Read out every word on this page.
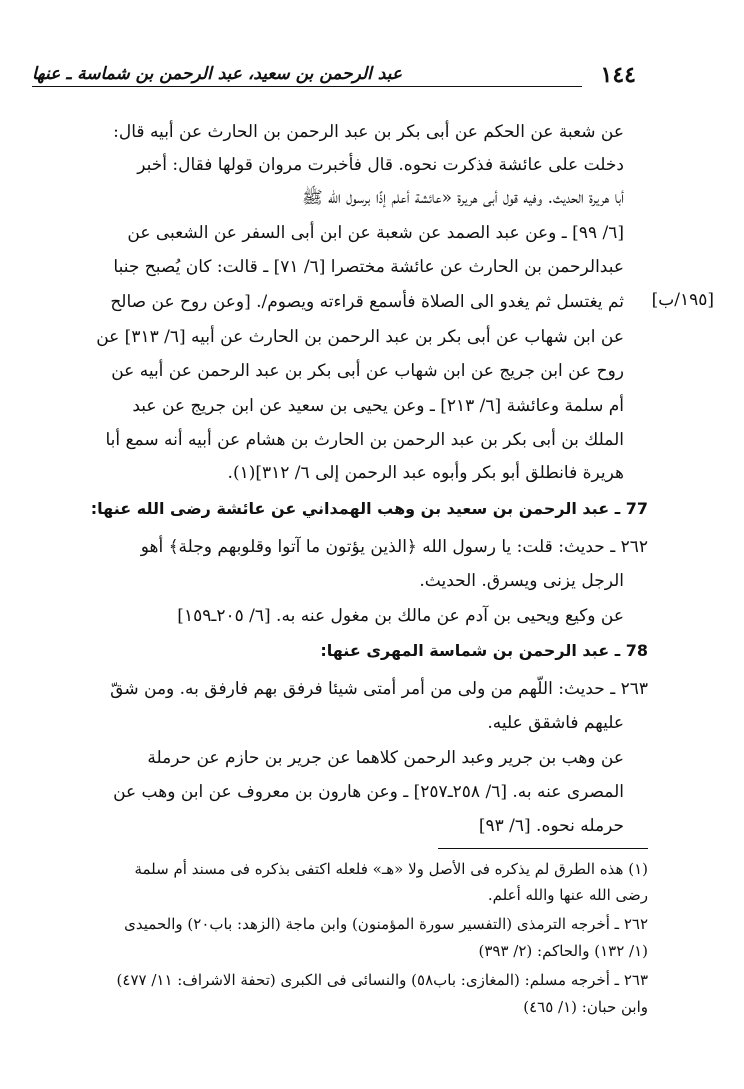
عبد الرحمن بن سعيد، عبد الرحمن بن شماسة ـ عنها	١٤٤
[١٩٥/ب]
عن شعبة عن الحكم عن أبى بكر بن عبد الرحمن بن الحارث عن أبيه قال:
دخلت على عائشة فذكرت نحوه. قال فأخبرت مروان قولها فقال: أخبر
أبا هريرة الحديث. وفيه قول أبى هريرة «عائشة أعلم إذًا برسول الله ﷺ
[٦/ ٩٩] ـ وعن عبد الصمد عن شعبة عن ابن أبى السفر عن الشعبى عن
عبدالرحمن بن الحارث عن عائشة مختصرا [٦/ ٧١] ـ قالت: كان يُصبح جنبا
ثم يغتسل ثم يغدو الى الصلاة فأسمع قراءته ويصوم/. [وعن روح عن صالح
عن ابن شهاب عن أبى بكر بن عبد الرحمن بن الحارث عن أبيه [٦/ ٣١٣] عن
روح عن ابن جريج عن ابن شهاب عن أبى بكر بن عبد الرحمن عن أبيه عن
أم سلمة وعائشة [٦/ ٢١٣] ـ وعن يحيى بن سعيد عن ابن جريج عن عبد
الملك بن أبى بكر بن عبد الرحمن بن الحارث بن هشام عن أبيه أنه سمع أبا
هريرة فانطلق أبو بكر وأبوه عبد الرحمن إلى ٦/ ٣١٢](١).
77 ـ عبد الرحمن بن سعيد بن وهب الهمداني عن عائشة رضى الله عنها:
٢٦٢ ـ حديث: قلت: يا رسول الله ﴿الذين يؤتون ما آتوا وقلوبهم وجلة﴾ أهو
الرجل يزنى ويسرق. الحديث.
عن وكيع ويحيى بن آدم عن مالك بن مغول عنه به. [٦/ ٢٠٥ـ١٥٩]
78 ـ عبد الرحمن بن شماسة المهرى عنها:
٢٦٣ ـ حديث: اللّهم من ولى من أمر أمتى شيئا فرفق بهم فارفق به. ومن شقّ
عليهم فاشقق عليه.
عن وهب بن جرير وعبد الرحمن كلاهما عن جرير بن حازم عن حرملة
المصرى عنه به. [٦/ ٢٥٨ـ٢٥٧] ـ وعن هارون بن معروف عن ابن وهب عن
حرمله نحوه. [٦/ ٩٣]
(١) هذه الطرق لم يذكره فى الأصل ولا «هـ» فلعله اكتفى بذكره فى مسند أم سلمة
رضى الله عنها والله أعلم.
٢٦٢ ـ أخرجه الترمذى (التفسير سورة المؤمنون) وابن ماجة (الزهد: باب٢٠) والحميدى
(١/ ١٣٢) والحاكم: (٢/ ٣٩٣)
٢٦٣ ـ أخرجه مسلم: (المغازى: باب٥٨) والنسائى فى الكبرى (تحفة الاشراف: ١١/ ٤٧٧)
وابن حبان: (١/ ٤٦٥)
